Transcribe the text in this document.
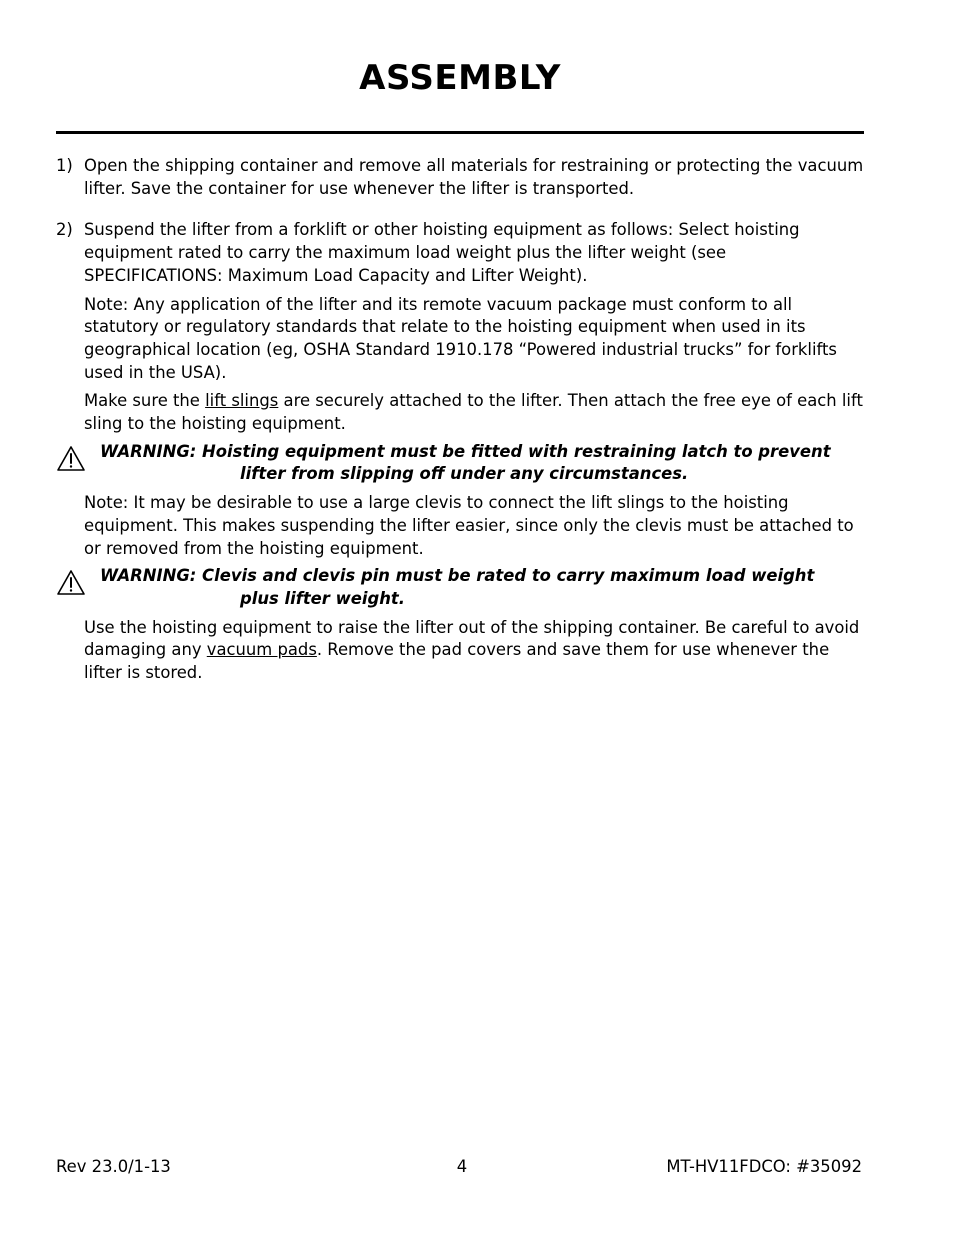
ASSEMBLY
1) Open the shipping container and remove all materials for restraining or protecting the vacuum lifter. Save the container for use whenever the lifter is transported.

2) Suspend the lifter from a forklift or other hoisting equipment as follows: Select hoisting equipment rated to carry the maximum load weight plus the lifter weight (see SPECIFICATIONS: Maximum Load Capacity and Lifter Weight).

Note: Any application of the lifter and its remote vacuum package must conform to all statutory or regulatory standards that relate to the hoisting equipment when used in its geographical location (eg, OSHA Standard 1910.178 “Powered industrial trucks” for forklifts used in the USA).

Make sure the lift slings are securely attached to the lifter. Then attach the free eye of each lift sling to the hoisting equipment.

WARNING: Hoisting equipment must be fitted with restraining latch to prevent
lifter from slipping off under any circumstances.

Note: It may be desirable to use a large clevis to connect the lift slings to the hoisting equipment. This makes suspending the lifter easier, since only the clevis must be attached to or removed from the hoisting equipment.

WARNING: Clevis and clevis pin must be rated to carry maximum load weight
plus lifter weight.

Use the hoisting equipment to raise the lifter out of the shipping container. Be careful to avoid damaging any vacuum pads. Remove the pad covers and save them for use whenever the lifter is stored.

Rev 23.0/1-13	4	MT-HV11FDCO: #35092
